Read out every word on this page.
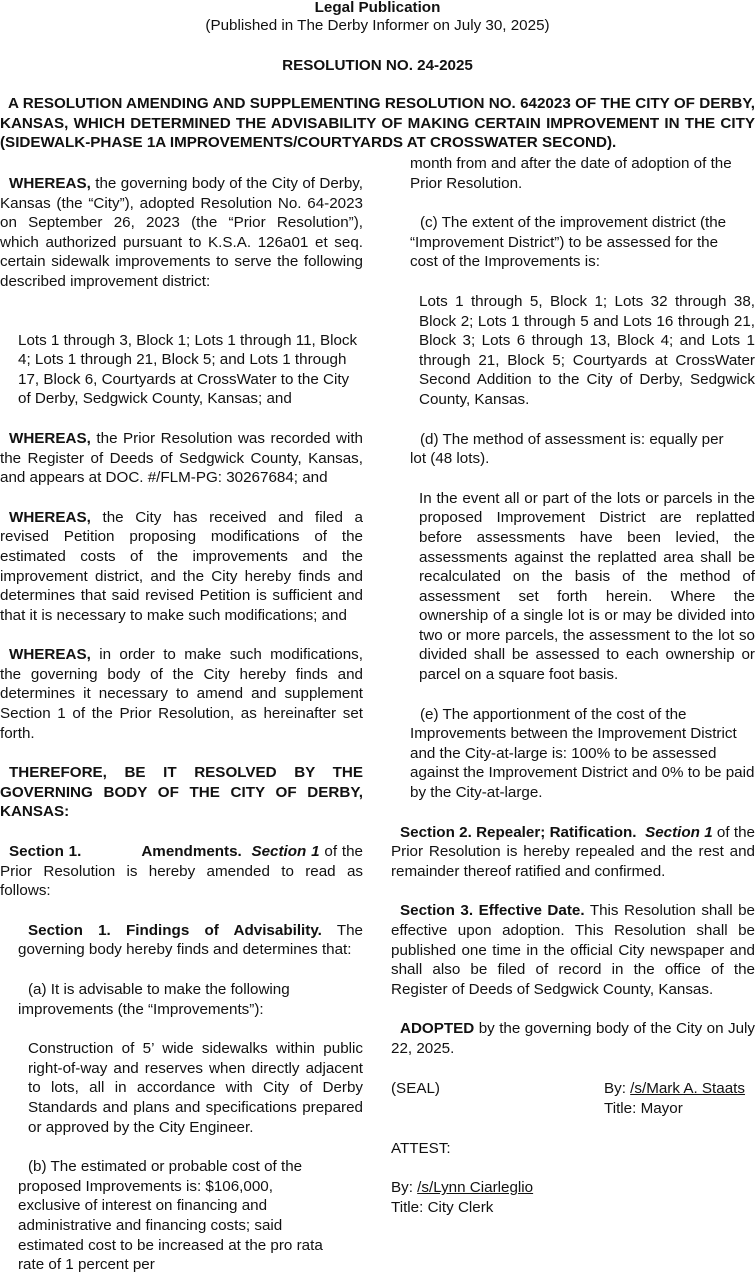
Legal Publication
(Published in The Derby Informer on July 30, 2025)
RESOLUTION NO. 24-2025
A RESOLUTION AMENDING AND SUPPLEMENTING RESOLUTION NO. 642023 OF THE CITY OF DERBY, KANSAS, WHICH DETERMINED THE ADVISABILITY OF MAKING CERTAIN IMPROVEMENT IN THE CITY (SIDEWALK-PHASE 1A IMPROVEMENTS/COURTYARDS AT CROSSWATER SECOND).

WHEREAS, the governing body of the City of Derby, Kansas (the “City”), adopted Resolution No. 64-2023 on September 26, 2023 (the “Prior Resolution”), which authorized pursuant to K.S.A. 126a01 et seq. certain sidewalk improvements to serve the following described improvement district:

Lots 1 through 3, Block 1; Lots 1 through 11, Block 4; Lots 1 through 21, Block 5; and Lots 1 through 17, Block 6, Courtyards at CrossWater to the City of Derby, Sedgwick County, Kansas; and

WHEREAS, the Prior Resolution was recorded with the Register of Deeds of Sedgwick County, Kansas, and appears at DOC. #/FLM-PG: 30267684; and

WHEREAS, the City has received and filed a revised Petition proposing modifications of the estimated costs of the improvements and the improvement district, and the City hereby finds and determines that said revised Petition is sufficient and that it is necessary to make such modifications; and

WHEREAS, in order to make such modifications, the governing body of the City hereby finds and determines it necessary to amend and supplement Section 1 of the Prior Resolution, as hereinafter set forth.

THEREFORE, BE IT RESOLVED BY THE GOVERNING BODY OF THE CITY OF DERBY, KANSAS:

Section 1.	Amendments. Section 1 of the Prior Resolution is hereby amended to read as follows:

Section 1. Findings of Advisability. The governing body hereby finds and determines that:

(a) It is advisable to make the following improvements (the “Improvements”):

Construction of 5’ wide sidewalks within public right-of-way and reserves when directly adjacent to lots, all in accordance with City of Derby Standards and plans and specifications prepared or approved by the City Engineer.

(b) The estimated or probable cost of the proposed Improvements is: $106,000, exclusive of interest on financing and administrative and financing costs; said estimated cost to be increased at the pro rata rate of 1 percent per

month from and after the date of adoption of the Prior Resolution.

(c) The extent of the improvement district (the “Improvement District”) to be assessed for the cost of the Improvements is:

Lots 1 through 5, Block 1; Lots 32 through 38, Block 2; Lots 1 through 5 and Lots 16 through 21, Block 3; Lots 6 through 13, Block 4; and Lots 1 through 21, Block 5; Courtyards at CrossWater Second Addition to the City of Derby, Sedgwick County, Kansas.

(d) The method of assessment is: equally per lot (48 lots).

In the event all or part of the lots or parcels in the proposed Improvement District are replatted before assessments have been levied, the assessments against the replatted area shall be recalculated on the basis of the method of assessment set forth herein. Where the ownership of a single lot is or may be divided into two or more parcels, the assessment to the lot so divided shall be assessed to each ownership or parcel on a square foot basis.

(e) The apportionment of the cost of the Improvements between the Improvement District and the City-at-large is: 100% to be assessed against the Improvement District and 0% to be paid by the City-at-large.

Section 2. Repealer; Ratification. Section 1 of the Prior Resolution is hereby repealed and the rest and remainder thereof ratified and confirmed.

Section 3. Effective Date. This Resolution shall be effective upon adoption. This Resolution shall be published one time in the official City newspaper and shall also be filed of record in the office of the Register of Deeds of Sedgwick County, Kansas.

ADOPTED by the governing body of the City on July 22, 2025.

(SEAL)	By: /s/Mark A. Staats
Title: Mayor

ATTEST:

By: /s/Lynn Ciarleglio

Title: City Clerk
